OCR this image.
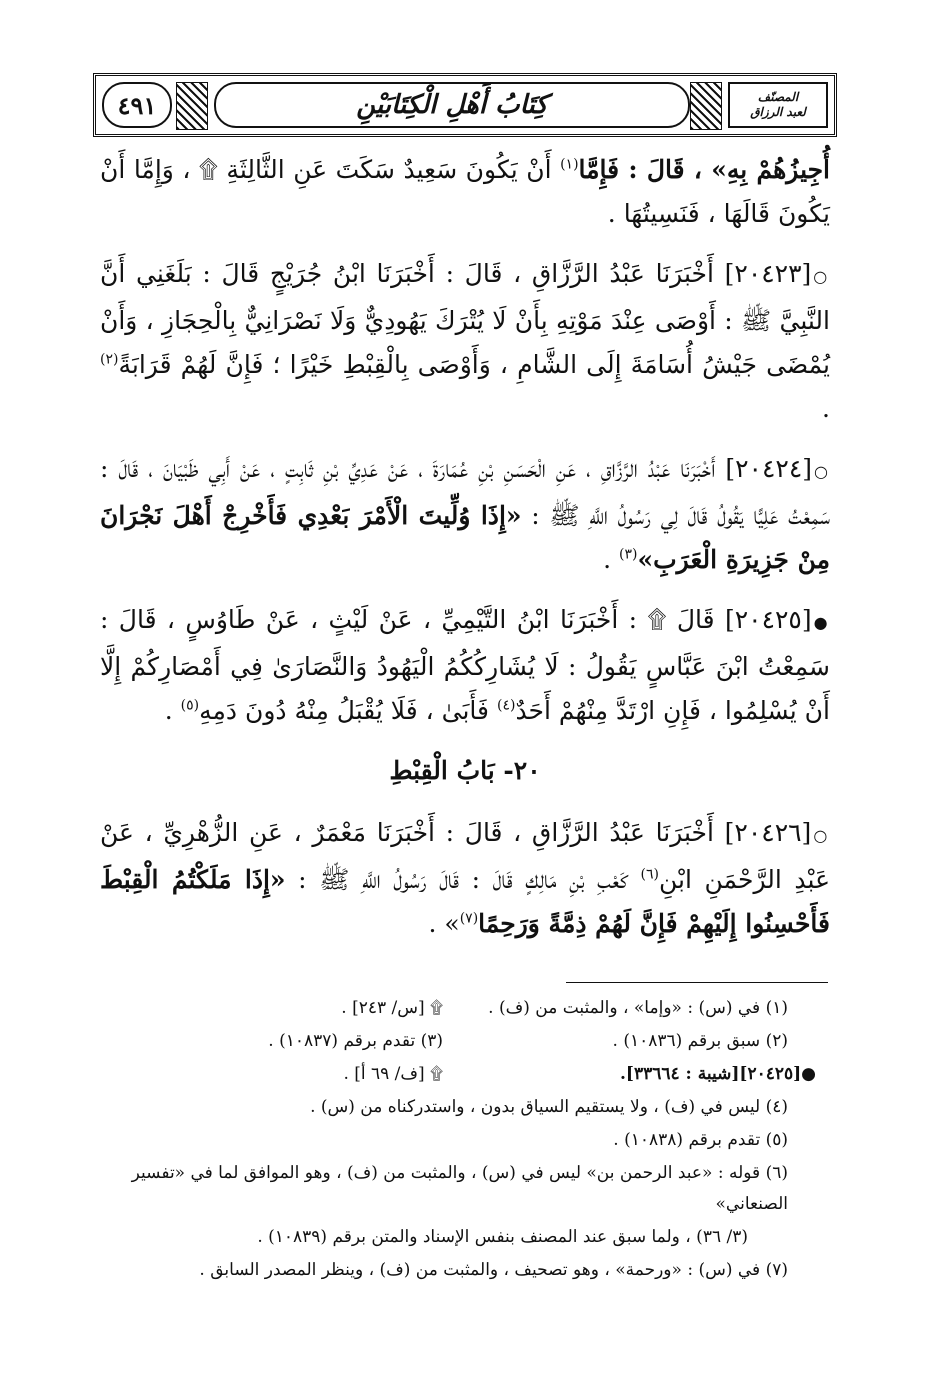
٤٩١	كِتَابُ أَهْلِ الْكِتَابَيْنِ	المصنّف
لعبد الرزاق

أُجِيزُهُمْ بِهِ» ، قَالَ : فَإِمَّا$^{(١)}$ أَنْ يَكُونَ سَعِيدٌ سَكَتَ عَنِ الثَّالِثَةِ ۩ ، وَإِمَّا أَنْ يَكُونَ قَالَهَا ، فَنَسِيتُهَا .

○[٢٠٤٢٣] أَخْبَرَنَا عَبْدُ الرَّزَّاقِ ، قَالَ : أَخْبَرَنَا ابْنُ جُرَيْجٍ قَالَ : بَلَغَنِي أَنَّ النَّبِيَّ ﷺ : أَوْصَى عِنْدَ مَوْتِهِ بِأَنْ لَا يُتْرَكَ يَهُودِيٌّ وَلَا نَصْرَانِيٌّ بِالْحِجَازِ ، وَأَنْ يُمْضَى جَيْشُ أُسَامَةَ إِلَى الشَّامِ ، وَأَوْصَى بِالْقِبْطِ خَيْرًا ؛ فَإِنَّ لَهُمْ قَرَابَةً$^{(٢)}$ .

○[٢٠٤٢٤] أَخْبَرَنَا عَبْدُ الرَّزَّاقِ ، عَنِ الْحَسَنِ بْنِ عُمَارَةَ ، عَنْ عَدِيِّ بْنِ ثَابِتٍ ، عَنْ أَبِي ظَبْيَانَ ، قَالَ : سَمِعْتُ عَلِيًّا يَقُولُ قَالَ لِي رَسُولُ اللَّهِ ﷺ : «إِذَا وُلِّيتَ الْأَمْرَ بَعْدِي فَأَخْرِجْ أَهْلَ نَجْرَانَ مِنْ جَزِيرَةِ الْعَرَبِ»$^{(٣)}$ .

●[٢٠٤٢٥] قَالَ ۩ : أَخْبَرَنَا ابْنُ التَّيْمِيِّ ، عَنْ لَيْثٍ ، عَنْ طَاوُسٍ ، قَالَ : سَمِعْتُ ابْنَ عَبَّاسٍ يَقُولُ : لَا يُشَارِكُكُمُ الْيَهُودُ وَالنَّصَارَىٰ فِي أَمْصَارِكُمْ إِلَّا أَنْ يُسْلِمُوا ، فَإِنِ ارْتَدَّ مِنْهُمْ أَحَدٌ$^{(٤)}$ فَأَبَىٰ ، فَلَا يُقْبَلُ مِنْهُ دُونَ دَمِهِ$^{(٥)}$ .

٢٠- بَابُ الْقِبْطِ

○[٢٠٤٢٦] أَخْبَرَنَا عَبْدُ الرَّزَّاقِ ، قَالَ : أَخْبَرَنَا مَعْمَرٌ ، عَنِ الزُّهْرِيِّ ، عَنْ عَبْدِ الرَّحْمَنِ ابْنِ$^{(٦)}$ كَعْبِ بْنِ مَالِكٍ قَالَ : قَالَ رَسُولُ اللَّهِ ﷺ : «إِذَا مَلَكْتُمُ الْقِبْطَ فَأَحْسِنُوا إِلَيْهِمْ فَإِنَّ لَهُمْ ذِمَّةً وَرَحِمًا$^{(٧)}$» .

(١) في (س) : «وإما» ، والمثبت من (ف) .
۩ [س/ ٢٤٣] .
(٢) سبق برقم (١٠٨٣٦) .
(٣) تقدم برقم (١٠٨٣٧) .
●[٢٠٤٢٥][شيبة : ٣٣٦٦٤].
۩ [ف/ ٦٩ أ] .
(٤) ليس في (ف) ، ولا يستقيم السياق بدون ، واستدركناه من (س) .
(٥) تقدم برقم (١٠٨٣٨) .
(٦) قوله : «عبد الرحمن بن» ليس في (س) ، والمثبت من (ف) ، وهو الموافق لما في «تفسير الصنعاني»
(٣/ ٣٦) ، ولما سبق عند المصنف بنفس الإسناد والمتن برقم (١٠٨٣٩) .
(٧) في (س) : «ورحمة» ، وهو تصحيف ، والمثبت من (ف) ، وينظر المصدر السابق .
